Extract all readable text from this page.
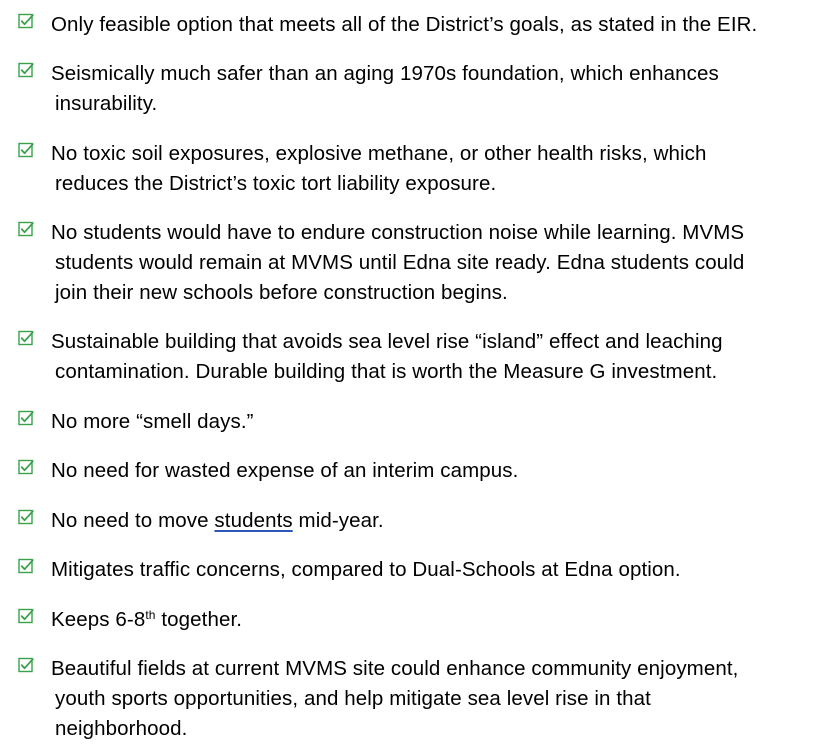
Only feasible option that meets all of the District’s goals, as stated in the EIR.
Seismically much safer than an aging 1970s foundation, which enhances
insurability.
No toxic soil exposures, explosive methane, or other health risks, which
reduces the District’s toxic tort liability exposure.
No students would have to endure construction noise while learning. MVMS
students would remain at MVMS until Edna site ready. Edna students could
join their new schools before construction begins.
Sustainable building that avoids sea level rise “island” effect and leaching
contamination. Durable building that is worth the Measure G investment.
No more “smell days.”
No need for wasted expense of an interim campus.
No need to move students mid-year.
Mitigates traffic concerns, compared to Dual-Schools at Edna option.
Keeps 6-8th together.
Beautiful fields at current MVMS site could enhance community enjoyment,
youth sports opportunities, and help mitigate sea level rise in that
neighborhood.
